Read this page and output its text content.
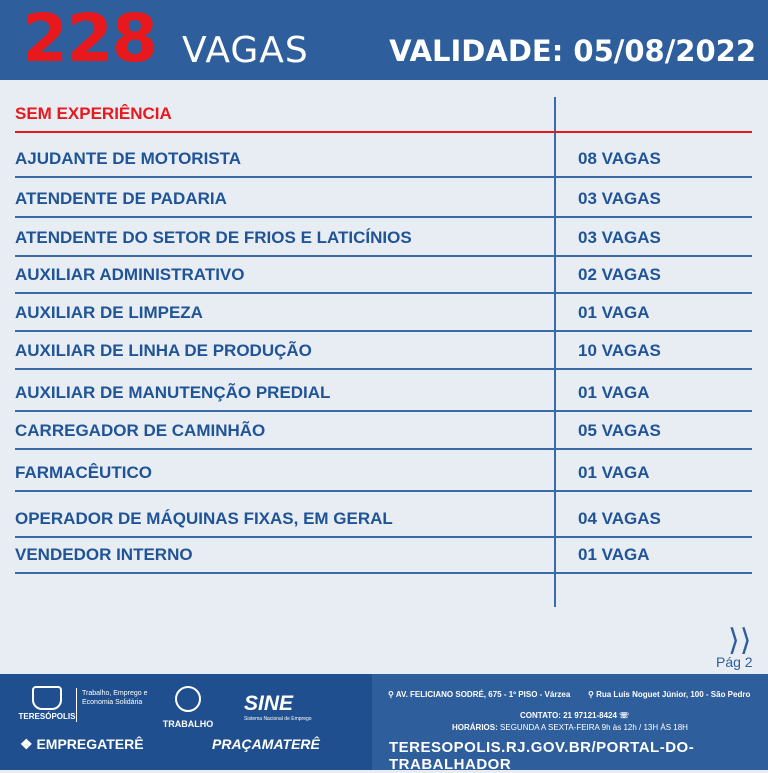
228 VAGAS	VALIDADE: 05/08/2022
SEM EXPERIÊNCIA
AJUDANTE DE MOTORISTA	08 VAGAS
ATENDENTE DE PADARIA	03 VAGAS
ATENDENTE DO SETOR DE FRIOS E LATICÍNIOS	03 VAGAS
AUXILIAR ADMINISTRATIVO	02 VAGAS
AUXILIAR DE LIMPEZA	01 VAGA
AUXILIAR DE LINHA DE PRODUÇÃO	10 VAGAS
AUXILIAR DE MANUTENÇÃO PREDIAL	01 VAGA
CARREGADOR DE CAMINHÃO	05 VAGAS
FARMACÊUTICO	01 VAGA
OPERADOR DE MÁQUINAS FIXAS, EM GERAL	04 VAGAS
VENDEDOR INTERNO	01 VAGA
⟩⟩
Pág 2
TERESÓPOLIS
Trabalho, Emprego e Economia Solidária
TRABALHO
SINE
Sistema Nacional de Emprego
❖ EMPREGATERÊ	PRAÇAMATERÊ
⚲ AV. FELICIANO SODRÉ, 675 - 1º PISO - Várzea ⚲ Rua Luís Noguet Júnior, 100 - São Pedro
CONTATO: 21 97121-8424 ☏
HORÁRIOS: SEGUNDA A SEXTA-FEIRA 9h às 12h / 13H ÀS 18H
TERESOPOLIS.RJ.GOV.BR/PORTAL-DO-TRABALHADOR
